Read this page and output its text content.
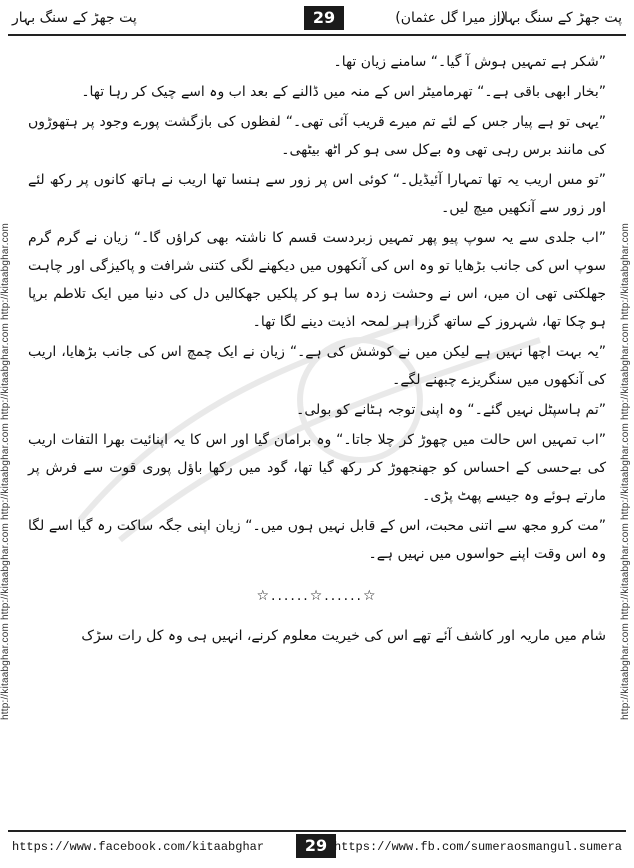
پت جھڑ کے سنگ بہار	29	(از میرا گل عثمان)
پت جھڑ کے سنگ بہار
http://kitaabghar.com http://kitaabghar.com http://kitaabghar.com http://kitaabghar.com http://kitaabghar.com	http://kitaabghar.com http://kitaabghar.com http://kitaabghar.com http://kitaabghar.com http://kitaabghar.com

”شکر ہے تمہیں ہوش آ گیا۔“ سامنے زیان تھا۔

”بخار ابھی باقی ہے۔“ تھرمامیٹر اس کے منہ میں ڈالنے کے بعد اب وہ اسے چیک کر رہا تھا۔

”یہی تو ہے پیار جس کے لئے تم میرے قریب آئی تھی۔“ لفظوں کی بازگشت پورے وجود پر ہتھوڑوں کی مانند برس رہی تھی وہ بےکل سی ہو کر اٹھ بیٹھی۔

”تو مس اریب یہ تھا تمہارا آئیڈیل۔“ کوئی اس پر زور سے ہنسا تھا اریب نے ہاتھ کانوں پر رکھ لئے اور زور سے آنکھیں میچ لیں۔

”اب جلدی سے یہ سوپ پیو پھر تمہیں زبردست قسم کا ناشتہ بھی کراؤں گا۔“ زیان نے گرم گرم سوپ اس کی جانب بڑھایا تو وہ اس کی آنکھوں میں دیکھنے لگی کتنی شرافت و پاکیزگی اور چاہت جھلکتی تھی ان میں، اس نے وحشت زدہ سا ہو کر پلکیں جھکالیں دل کی دنیا میں ایک تلاطم برپا ہو چکا تھا، شہروز کے ساتھ گزرا ہر لمحہ اذیت دینے لگا تھا۔

”یہ بہت اچھا نہیں ہے لیکن میں نے کوشش کی ہے۔“ زیان نے ایک چمچ اس کی جانب بڑھایا، اریب کی آنکھوں میں سنگریزے چبھنے لگے۔

”تم ہاسپٹل نہیں گئے۔“ وہ اپنی توجہ ہٹانے کو بولی۔

”اب تمہیں اس حالت میں چھوڑ کر چلا جاتا۔“ وہ برامان گیا اور اس کا یہ اپنائیت بھرا التفات اریب کی بےحسی کے احساس کو جھنجھوڑ کر رکھ گیا تھا، گود میں رکھا باؤل پوری قوت سے فرش پر مارتے ہوئے وہ جیسے پھٹ پڑی۔

”مت کرو مجھ سے اتنی محبت، اس کے قابل نہیں ہوں میں۔“ زیان اپنی جگہ ساکت رہ گیا اسے لگا وہ اس وقت اپنے حواسوں میں نہیں ہے۔

☆......☆......☆

شام میں ماریہ اور کاشف آئے تھے اس کی خیریت معلوم کرنے، انہیں ہی وہ کل رات سڑک

https://www.facebook.com/kitaabghar	29 https://www.fb.com/sumeraosmangul.sumera
